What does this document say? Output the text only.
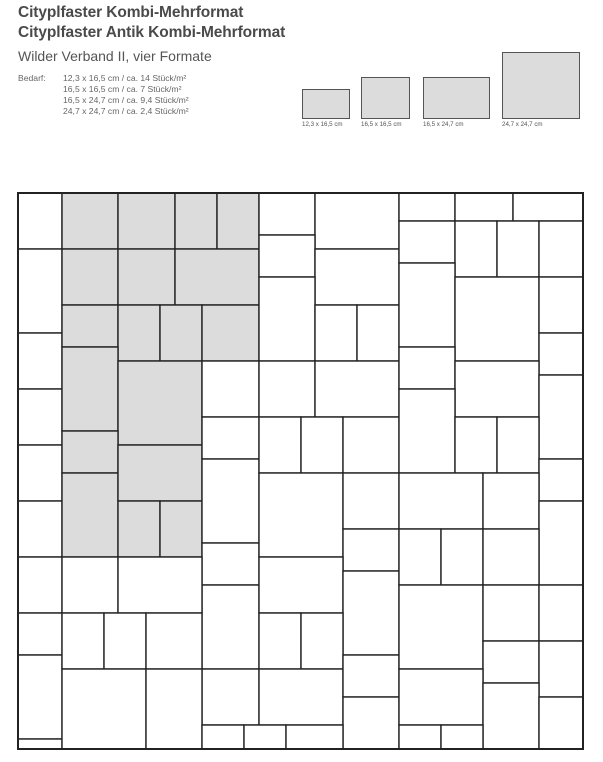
Cityplfaster Kombi-Mehrformat
Cityplfaster Antik Kombi-Mehrformat
Wilder Verband II, vier Formate
Bedarf: 12,3 x 16,5 cm / ca. 14 Stück/m²
16,5 x 16,5 cm / ca. 7 Stück/m²
16,5 x 24,7 cm / ca. 9,4 Stück/m²
24,7 x 24,7 cm / ca. 2,4 Stück/m²
12,3 x 16,5 cm	16,5 x 16,5 cm	16,5 x 24,7 cm	24,7 x 24,7 cm
